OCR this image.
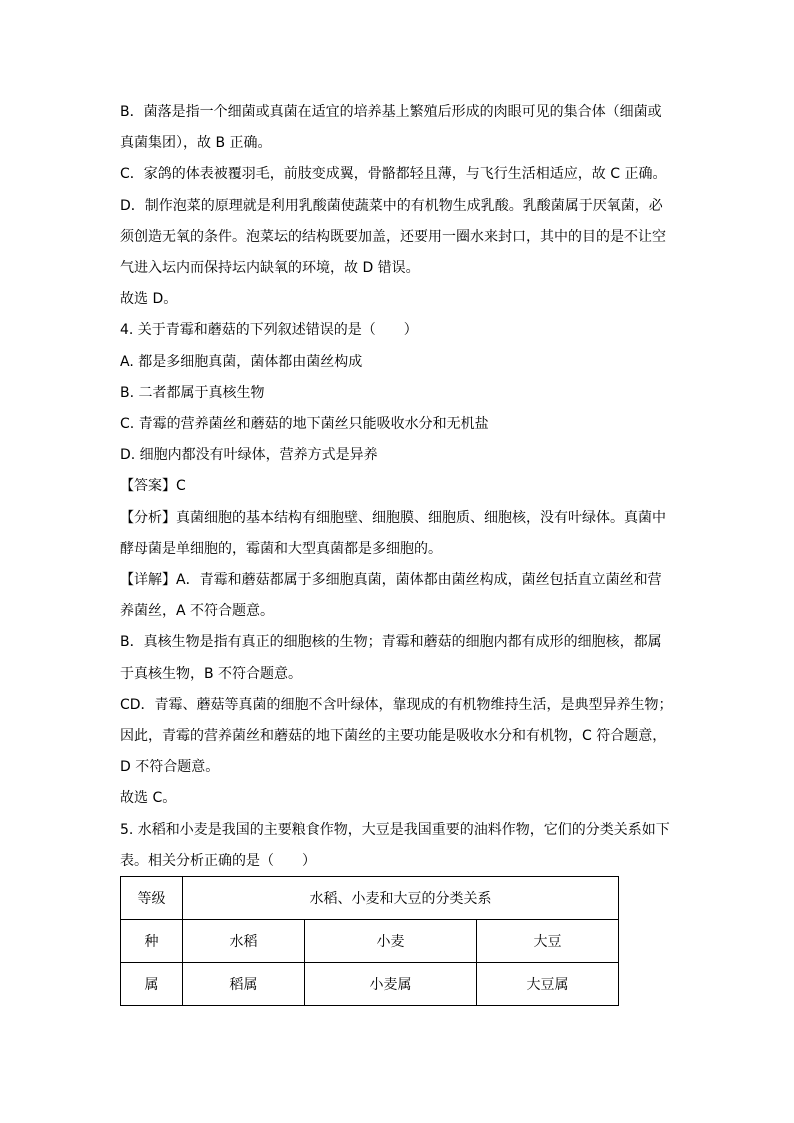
B．菌落是指一个细菌或真菌在适宜的培养基上繁殖后形成的肉眼可见的集合体（细菌或

真菌集团），故 B 正确。

C．家鸽的体表被覆羽毛，前肢变成翼，骨骼都轻且薄，与飞行生活相适应，故 C 正确。

D．制作泡菜的原理就是利用乳酸菌使蔬菜中的有机物生成乳酸。乳酸菌属于厌氧菌，必

须创造无氧的条件。泡菜坛的结构既要加盖，还要用一圈水来封口，其中的目的是不让空

气进入坛内而保持坛内缺氧的环境，故 D 错误。

故选 D。

4. 关于青霉和蘑菇的下列叙述错误的是（　　）

A. 都是多细胞真菌，菌体都由菌丝构成

B. 二者都属于真核生物

C. 青霉的营养菌丝和蘑菇的地下菌丝只能吸收水分和无机盐

D. 细胞内都没有叶绿体，营养方式是异养

【答案】C

【分析】真菌细胞的基本结构有细胞壁、细胞膜、细胞质、细胞核，没有叶绿体。真菌中

酵母菌是单细胞的，霉菌和大型真菌都是多细胞的。

【详解】A．青霉和蘑菇都属于多细胞真菌，菌体都由菌丝构成，菌丝包括直立菌丝和营

养菌丝，A 不符合题意。

B．真核生物是指有真正的细胞核的生物；青霉和蘑菇的细胞内都有成形的细胞核，都属

于真核生物，B 不符合题意。

CD．青霉、蘑菇等真菌的细胞不含叶绿体，靠现成的有机物维持生活，是典型异养生物；

因此，青霉的营养菌丝和蘑菇的地下菌丝的主要功能是吸收水分和有机物，C 符合题意，

D 不符合题意。

故选 C。

5. 水稻和小麦是我国的主要粮食作物，大豆是我国重要的油料作物，它们的分类关系如下

表。相关分析正确的是（　　）

等级	水稻、小麦和大豆的分类关系		
种	水稻	小麦	大豆
属	稻属	小麦属	大豆属
